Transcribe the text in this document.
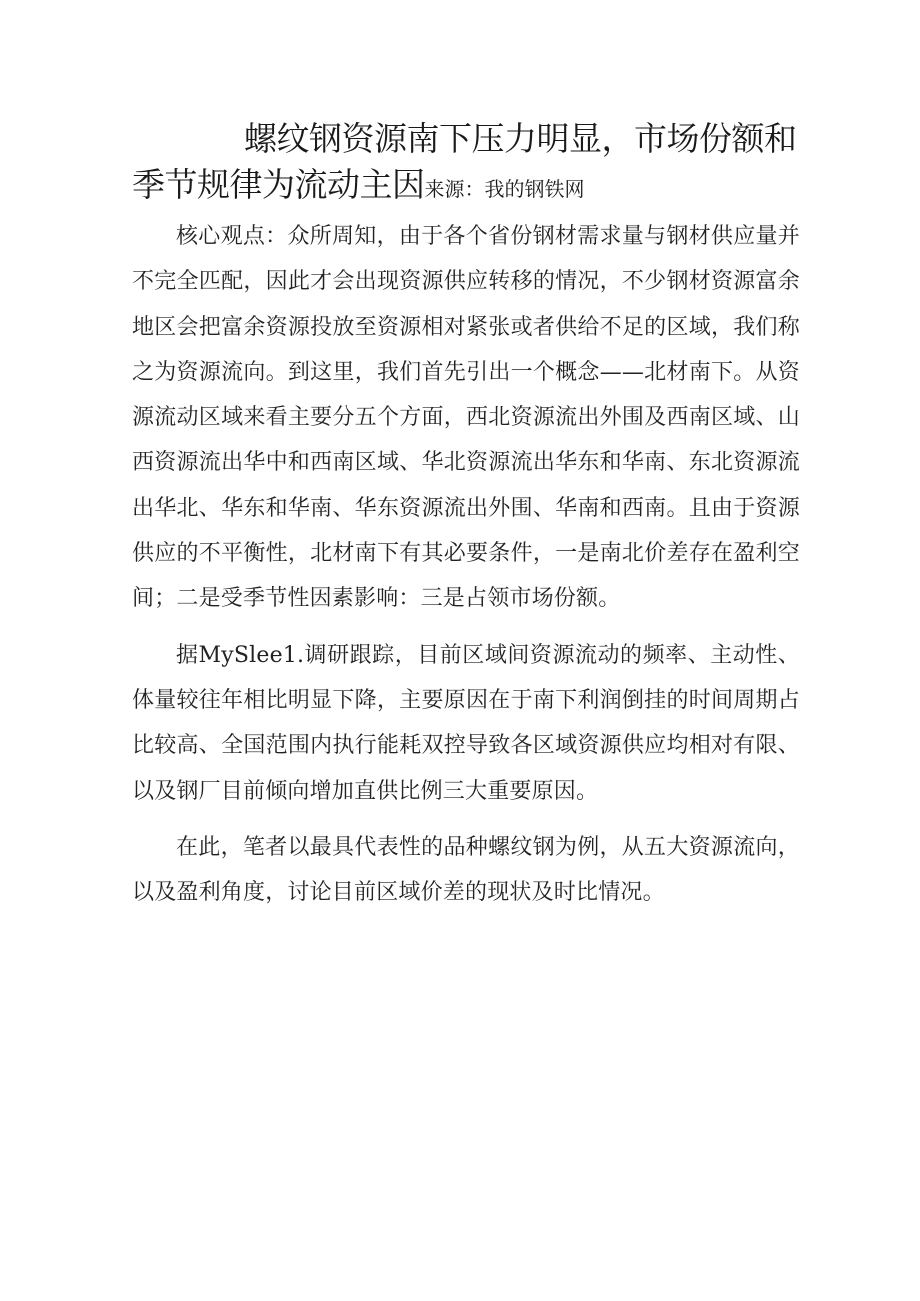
螺纹钢资源南下压力明显，市场份额和
季节规律为流动主因来源：我的钢铁网

核心观点：众所周知，由于各个省份钢材需求量与钢材供应量并不完全匹配，因此才会出现资源供应转移的情况，不少钢材资源富余地区会把富余资源投放至资源相对紧张或者供给不足的区域，我们称之为资源流向。到这里，我们首先引出一个概念——北材南下。从资源流动区域来看主要分五个方面，西北资源流出外围及西南区域、山西资源流出华中和西南区域、华北资源流出华东和华南、东北资源流出华北、华东和华南、华东资源流出外围、华南和西南。且由于资源供应的不平衡性，北材南下有其必要条件，一是南北价差存在盈利空间；二是受季节性因素影响：三是占领市场份额。

据MySlee1.调研跟踪，目前区域间资源流动的频率、主动性、体量较往年相比明显下降，主要原因在于南下利润倒挂的时间周期占比较高、全国范围内执行能耗双控导致各区域资源供应均相对有限、以及钢厂目前倾向增加直供比例三大重要原因。

在此，笔者以最具代表性的品种螺纹钢为例，从五大资源流向，以及盈利角度，讨论目前区域价差的现状及时比情况。
